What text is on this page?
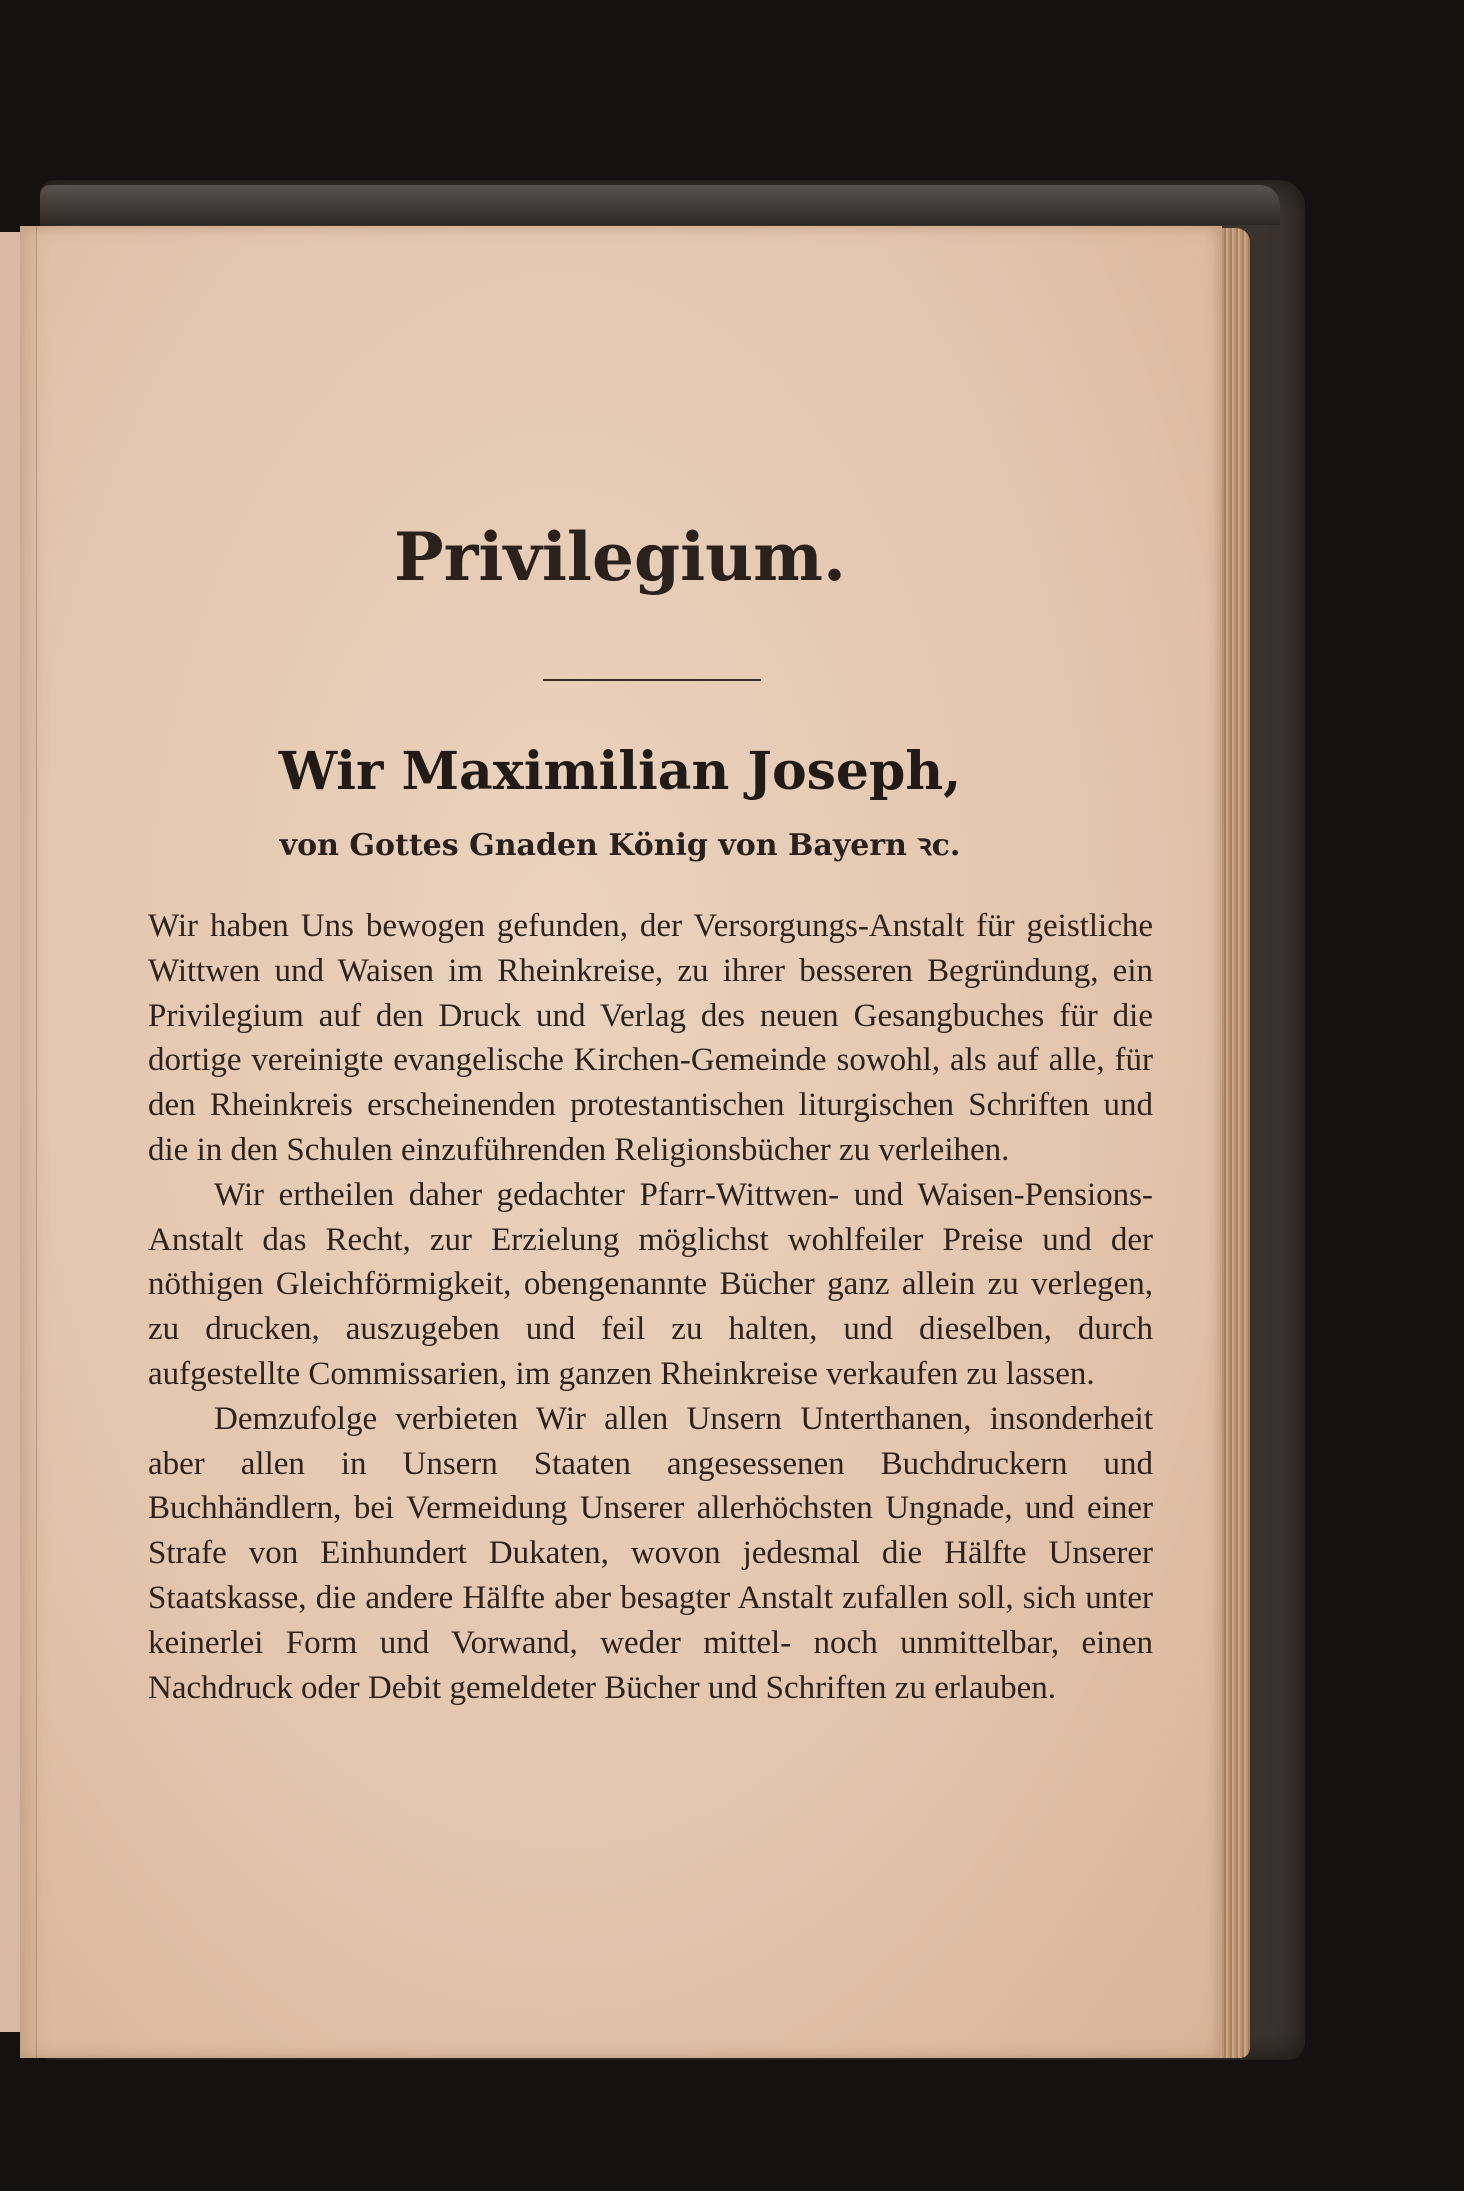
Privilegium.
Wir Maximilian Joseph,
von Gottes Gnaden König von Bayern ꝛc.

Wir haben Uns bewogen gefunden, der Versorgungs-Anstalt für geistliche Wittwen und Waisen im Rheinkreise, zu ihrer besseren Begründung, ein Privilegium auf den Druck und Verlag des neuen Gesangbuches für die dortige vereinigte evangelische Kirchen-Gemeinde sowohl, als auf alle, für den Rheinkreis erscheinenden protestantischen liturgischen Schriften und die in den Schulen einzuführenden Religionsbücher zu verleihen.

Wir ertheilen daher gedachter Pfarr-Wittwen- und Waisen-Pensions-Anstalt das Recht, zur Erzielung möglichst wohlfeiler Preise und der nöthigen Gleichförmigkeit, obengenannte Bücher ganz allein zu verlegen, zu drucken, auszugeben und feil zu halten, und dieselben, durch aufgestellte Commissarien, im ganzen Rheinkreise verkaufen zu lassen.

Demzufolge verbieten Wir allen Unsern Unterthanen, insonderheit aber allen in Unsern Staaten angesessenen Buchdruckern und Buchhändlern, bei Vermeidung Unserer allerhöchsten Ungnade, und einer Strafe von Einhundert Dukaten, wovon jedesmal die Hälfte Unserer Staatskasse, die andere Hälfte aber besagter Anstalt zufallen soll, sich unter keinerlei Form und Vorwand, weder mittel- noch unmittelbar, einen Nachdruck oder Debit gemeldeter Bücher und Schriften zu erlauben.
